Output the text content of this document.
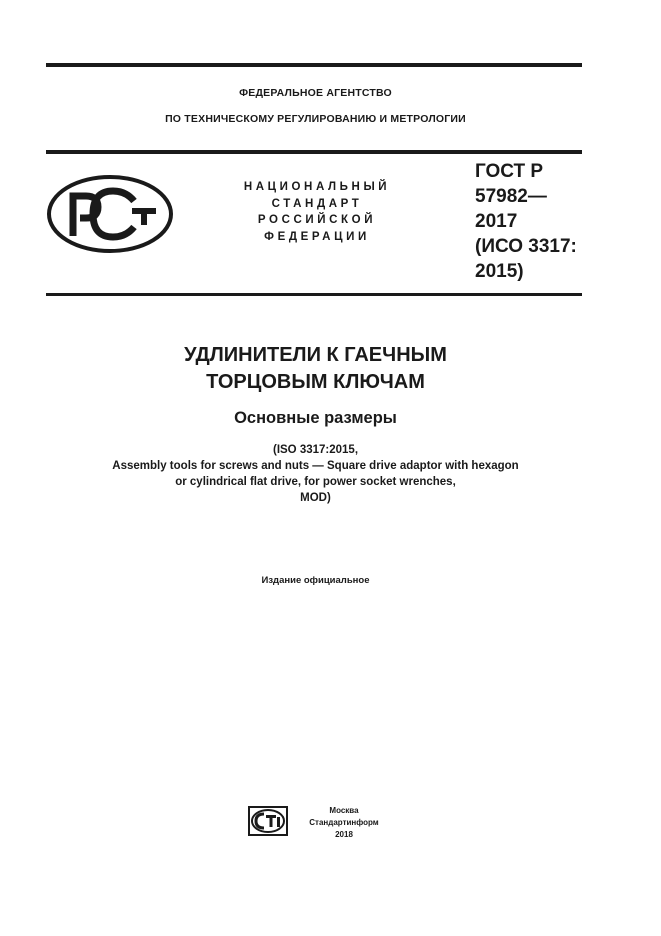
ФЕДЕРАЛЬНОЕ АГЕНТСТВО
ПО ТЕХНИЧЕСКОМУ РЕГУЛИРОВАНИЮ И МЕТРОЛОГИИ
НАЦИОНАЛЬНЫЙ
СТАНДАРТ
РОССИЙСКОЙ
ФЕДЕРАЦИИ
ГОСТ Р
57982—
2017
(ИСО 3317:
2015)
УДЛИНИТЕЛИ К ГАЕЧНЫМ
ТОРЦОВЫМ КЛЮЧАМ
Основные размеры
(ISO 3317:2015,
Assembly tools for screws and nuts — Square drive adaptor with hexagon
or cylindrical flat drive, for power socket wrenches,
MOD)
Издание официальное
Москва
Стандартинформ
2018
